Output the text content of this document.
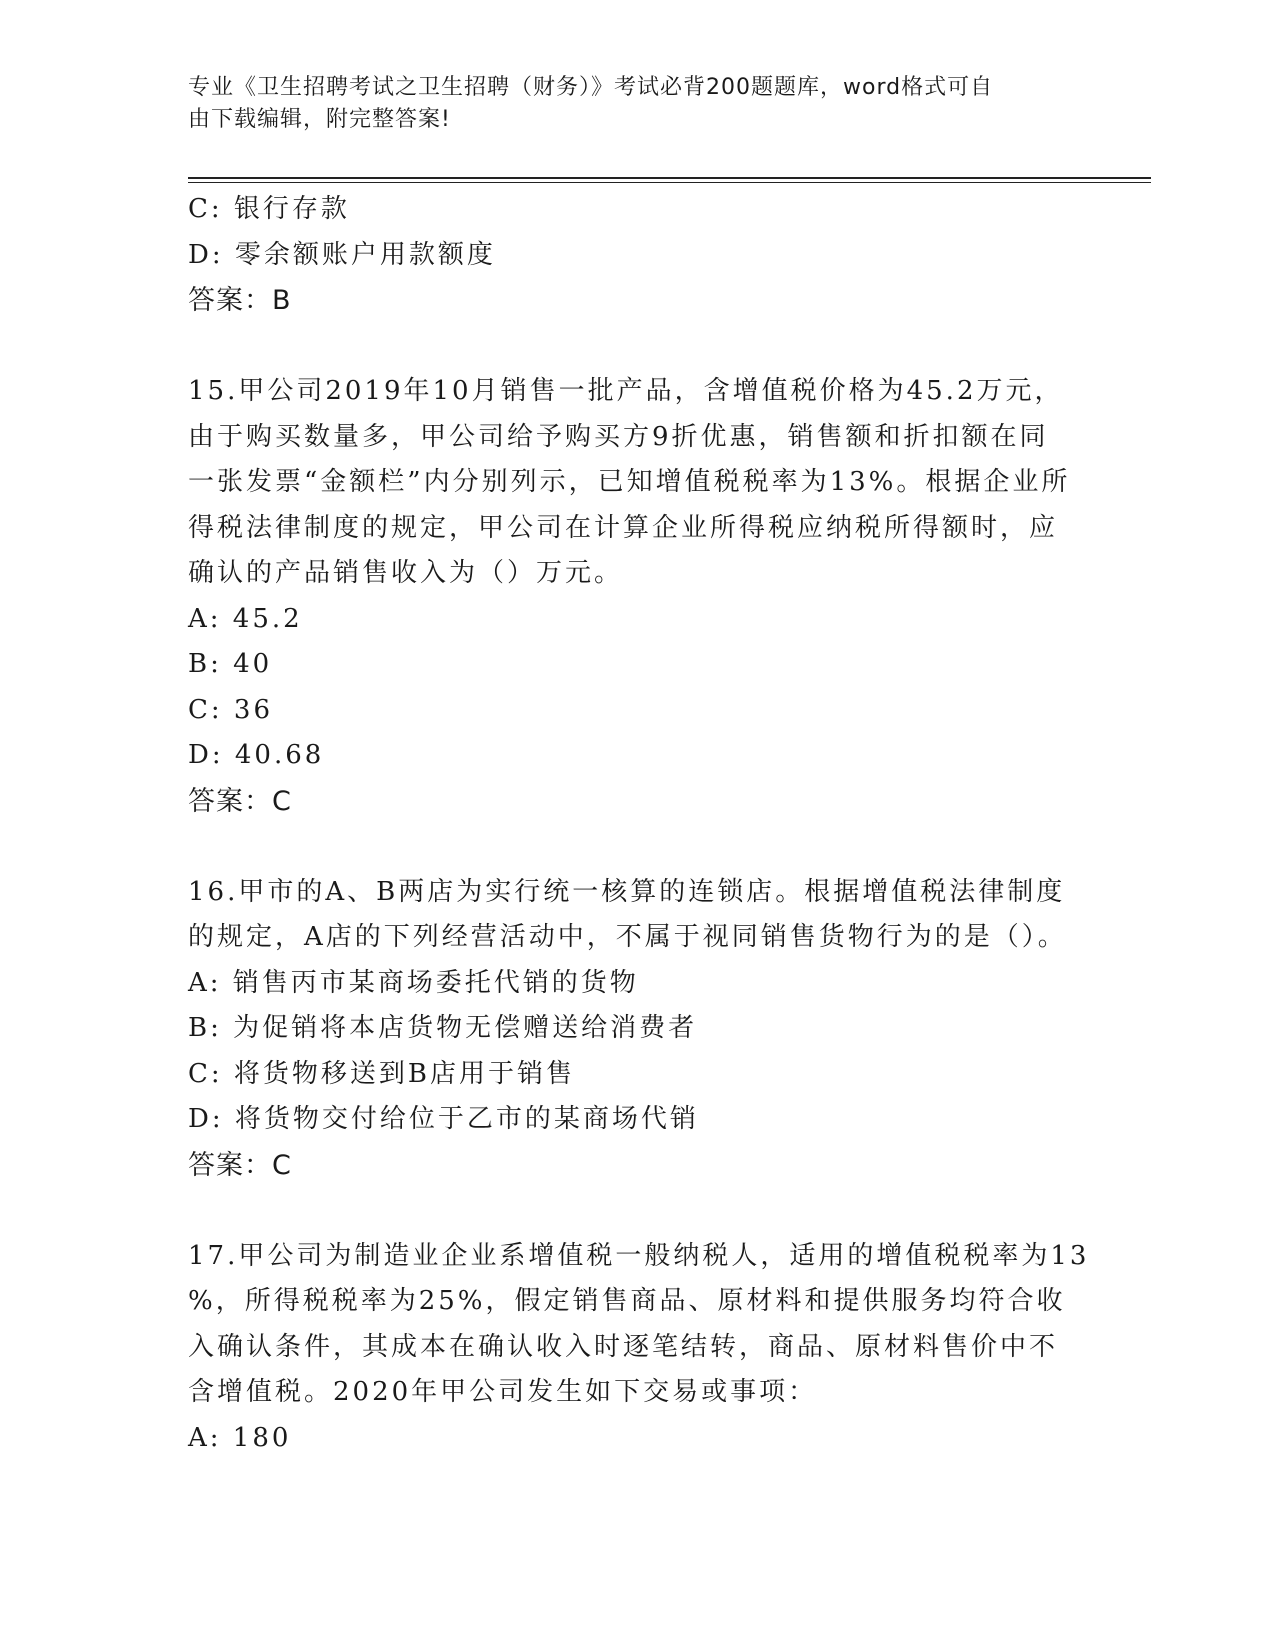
专业《卫生招聘考试之卫生招聘（财务）》考试必背200题题库，word格式可自
由下载编辑，附完整答案!
C: 银行存款
D: 零余额账户用款额度
答案：B
15.甲公司2019年10月销售一批产品，含增值税价格为45.2万元，
由于购买数量多，甲公司给予购买方9折优惠，销售额和折扣额在同
一张发票“金额栏”内分别列示，已知增值税税率为13%。根据企业所
得税法律制度的规定，甲公司在计算企业所得税应纳税所得额时，应
确认的产品销售收入为（）万元。
A: 45.2
B: 40
C: 36
D: 40.68
答案：C
16.甲市的A、B两店为实行统一核算的连锁店。根据增值税法律制度
的规定，A店的下列经营活动中，不属于视同销售货物行为的是（）。
A: 销售丙市某商场委托代销的货物
B: 为促销将本店货物无偿赠送给消费者
C: 将货物移送到B店用于销售
D: 将货物交付给位于乙市的某商场代销
答案：C
17.甲公司为制造业企业系增值税一般纳税人，适用的增值税税率为13
%，所得税税率为25%，假定销售商品、原材料和提供服务均符合收
入确认条件，其成本在确认收入时逐笔结转，商品、原材料售价中不
含增值税。2020年甲公司发生如下交易或事项：
A: 180
